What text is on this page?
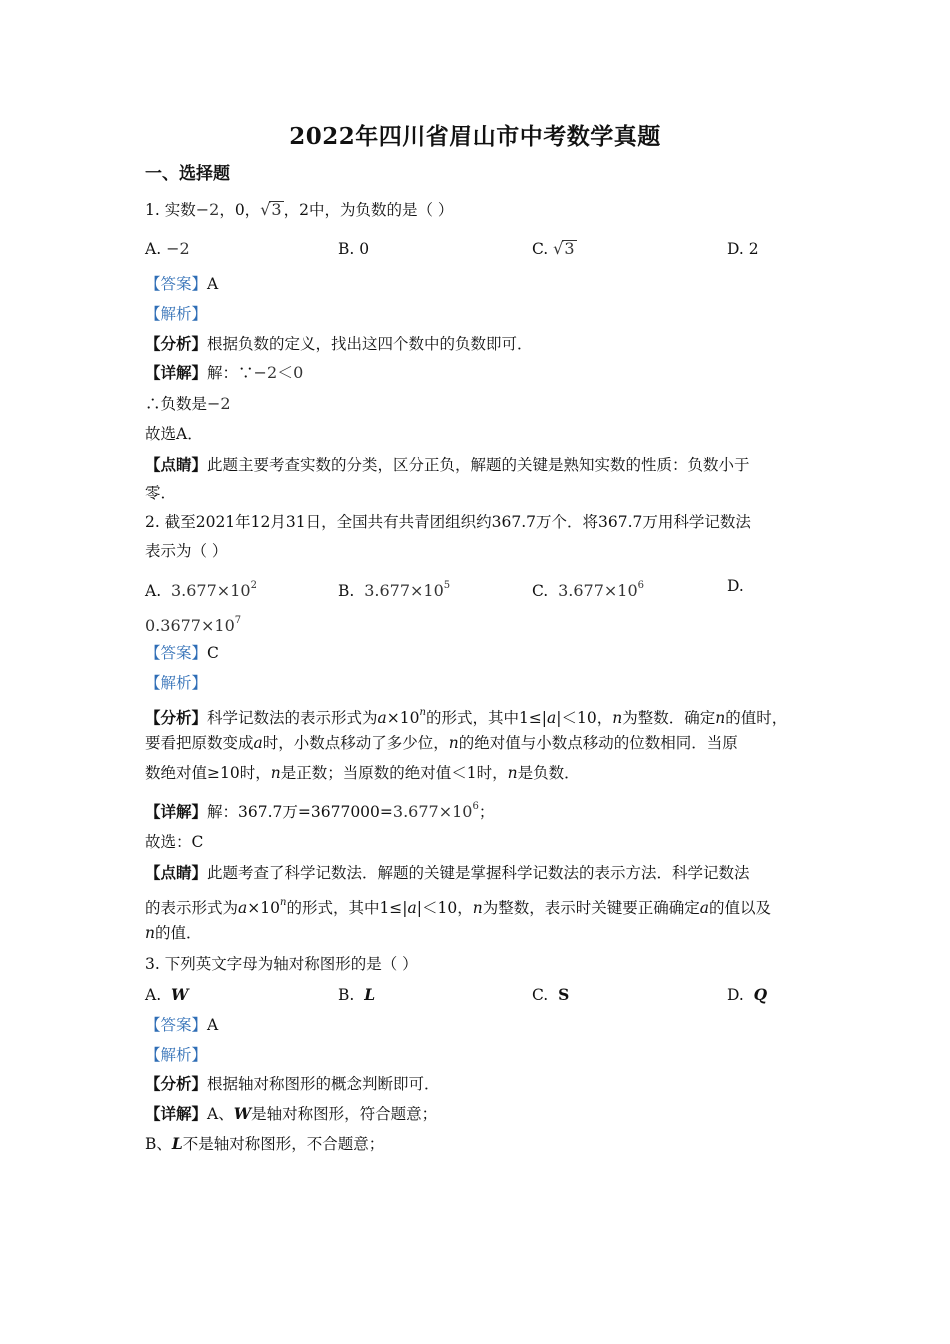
2022年四川省眉山市中考数学真题
一、选择题
1. 实数−2，0，√3 ，2中，为负数的是（ ）
A. −2	B. 0	C. √3	D. 2
【答案】A
【解析】
【分析】根据负数的定义，找出这四个数中的负数即可．
【详解】解：∵−2＜0
∴负数是−2
故选A．
【点睛】此题主要考查实数的分类，区分正负，解题的关键是熟知实数的性质：负数小于
零．
2. 截至2021年12月31日，全国共有共青团组织约367.7万个．将367.7万用科学记数法
表示为（ ）
A. $3.677\times 10^2$	B. $3.677\times 10^5$	C. $3.677\times 10^6$	D.
$0.3677\times 10^7$
【答案】C
【解析】
【分析】科学记数法的表示形式为$a\times 10^n$的形式，其中1≤|a|＜10，n为整数．确定n的值时，
要看把原数变成a时，小数点移动了多少位，n的绝对值与小数点移动的位数相同．当原
数绝对值≥10时，n是正数；当原数的绝对值＜1时，n是负数．
【详解】解：367.7万$=3677000=3.677\times 10^6$；
故选：C
【点睛】此题考查了科学记数法．解题的关键是掌握科学记数法的表示方法．科学记数法
的表示形式为$a\times 10^n$的形式，其中1≤|a|＜10，n为整数，表示时关键要正确确定a的值以及
n的值．
3. 下列英文字母为轴对称图形的是（ ）
A. W	B. L	C. S	D. Q
【答案】A
【解析】
【分析】根据轴对称图形的概念判断即可．
【详解】A、W是轴对称图形，符合题意；
B、L不是轴对称图形，不合题意；
